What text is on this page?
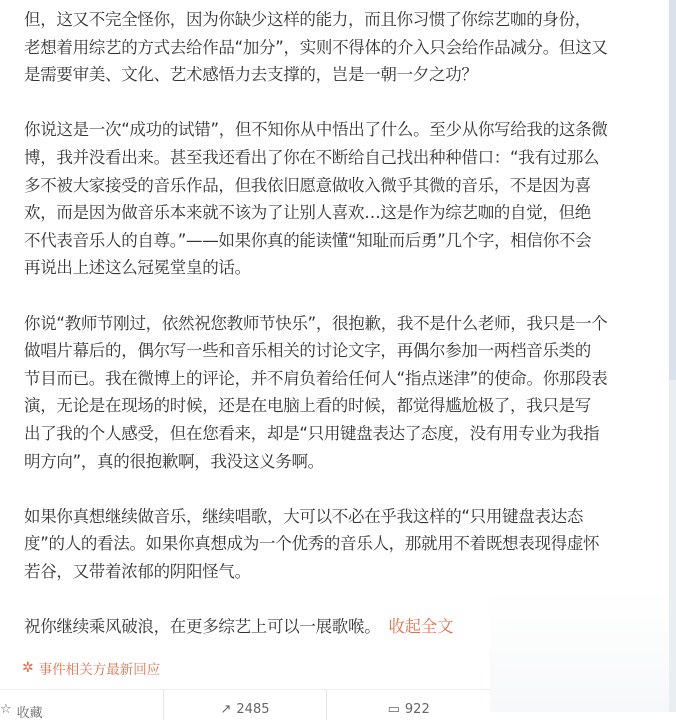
但，这又不完全怪你，因为你缺少这样的能力，而且你习惯了你综艺咖的身份，
老想着用综艺的方式去给作品“加分”，实则不得体的介入只会给作品减分。但这又
是需要审美、文化、艺术感悟力去支撑的，岂是一朝一夕之功？

你说这是一次“成功的试错”，但不知你从中悟出了什么。至少从你写给我的这条微
博，我并没看出来。甚至我还看出了你在不断给自己找出种种借口：“我有过那么
多不被大家接受的音乐作品，但我依旧愿意做收入微乎其微的音乐，不是因为喜
欢，而是因为做音乐本来就不该为了让别人喜欢…这是作为综艺咖的自觉，但绝
不代表音乐人的自尊。”——如果你真的能读懂“知耻而后勇”几个字，相信你不会
再说出上述这么冠冕堂皇的话。

你说“教师节刚过，依然祝您教师节快乐”，很抱歉，我不是什么老师，我只是一个
做唱片幕后的，偶尔写一些和音乐相关的讨论文字，再偶尔参加一两档音乐类的
节目而已。我在微博上的评论，并不肩负着给任何人“指点迷津”的使命。你那段表
演，无论是在现场的时候，还是在电脑上看的时候，都觉得尴尬极了，我只是写
出了我的个人感受，但在您看来，却是“只用键盘表达了态度，没有用专业为我指
明方向”，真的很抱歉啊，我没这义务啊。

如果你真想继续做音乐，继续唱歌，大可以不必在乎我这样的“只用键盘表达态
度”的人的看法。如果你真想成为一个优秀的音乐人，那就用不着既想表现得虚怀
若谷，又带着浓郁的阴阳怪气。

祝你继续乘风破浪，在更多综艺上可以一展歌喉。 收起全文

✲ 事件相关方最新回应
☆ 收藏	↗ 2485	▭ 922
